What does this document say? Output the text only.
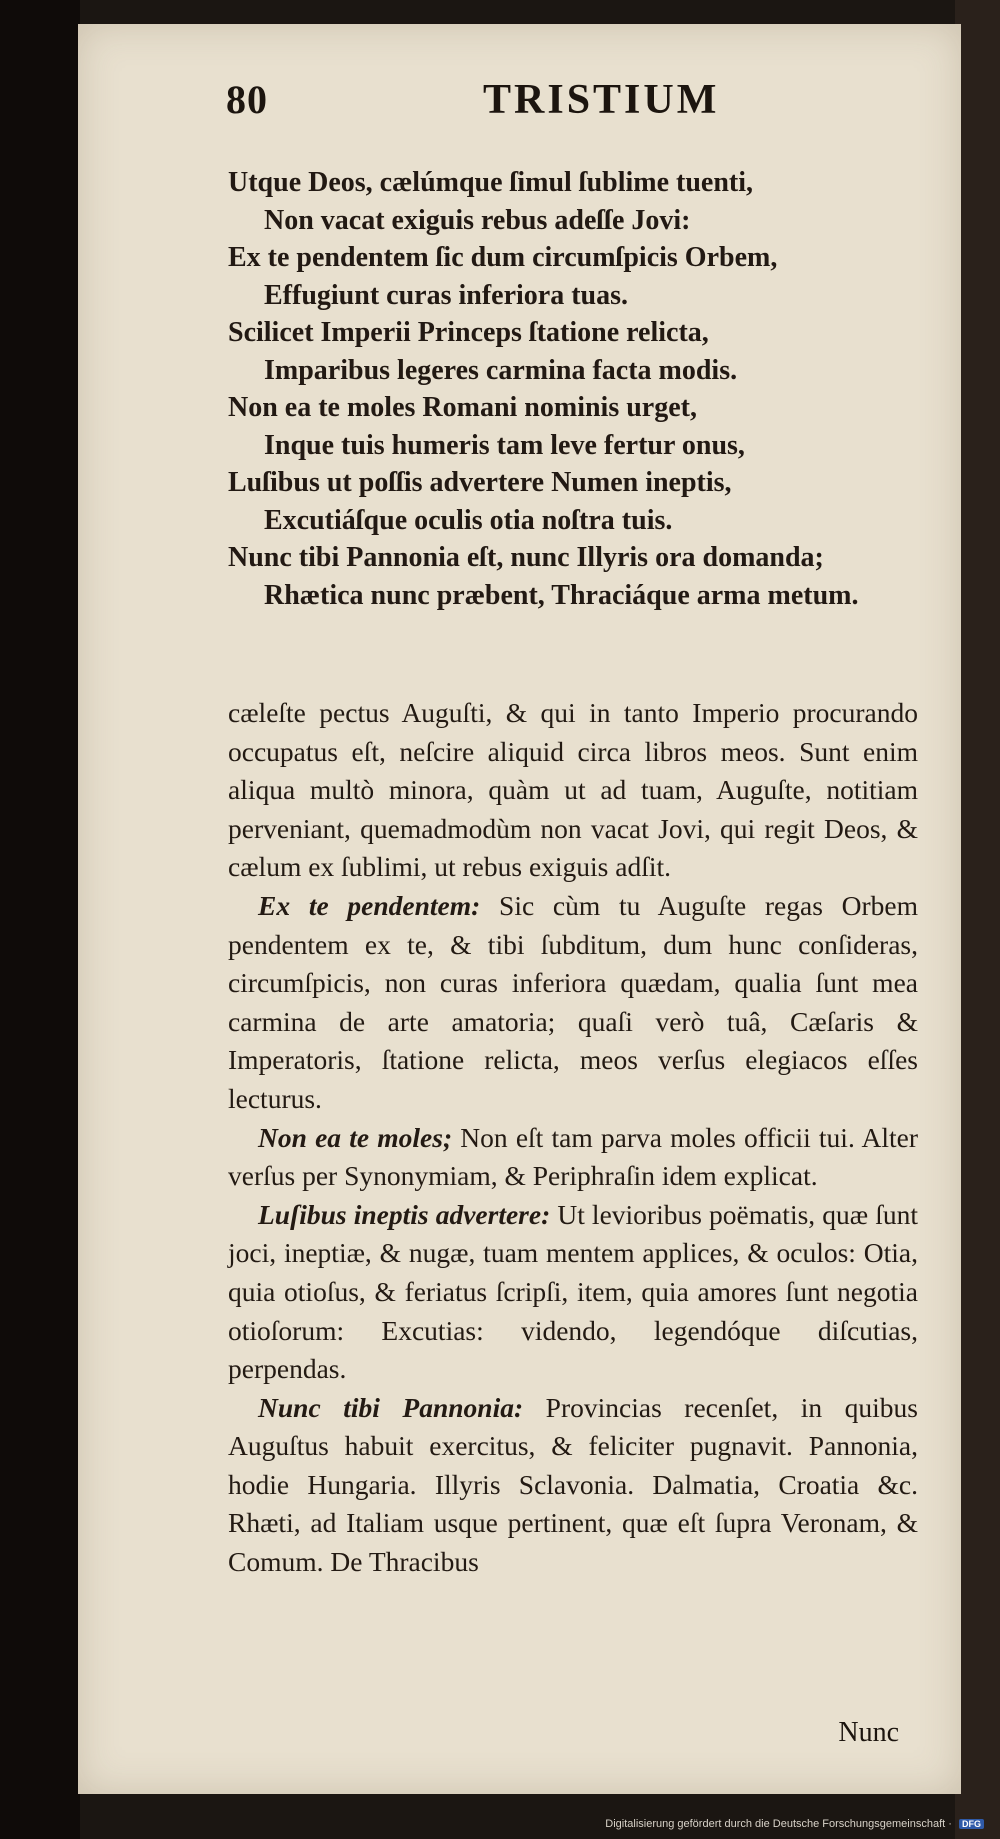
80	TRISTIUM
Utque Deos, cælúmque ſimul ſublime tuenti,
Non vacat exiguis rebus adeſſe Jovi:
Ex te pendentem ſic dum circumſpicis Orbem,
Effugiunt curas inferiora tuas.
Scilicet Imperii Princeps ſtatione relicta,
Imparibus legeres carmina facta modis.
Non ea te moles Romani nominis urget,
Inque tuis humeris tam leve fertur onus,
Luſibus ut poſſis advertere Numen ineptis,
Excutiáſque oculis otia noſtra tuis.
Nunc tibi Pannonia eſt, nunc Illyris ora domanda;
Rhætica nunc præbent, Thraciáque arma metum.

cæleſte pectus Auguſti, & qui in tanto Imperio procurando occupatus eſt, neſcire aliquid circa libros meos. Sunt enim aliqua multò minora, quàm ut ad tuam, Auguſte, notitiam perveniant, quemadmodùm non vacat Jovi, qui regit Deos, & cælum ex ſublimi, ut rebus exiguis adſit.

Ex te pendentem: Sic cùm tu Auguſte regas Orbem pendentem ex te, & tibi ſubditum, dum hunc conſideras, circumſpicis, non curas inferiora quædam, qualia ſunt mea carmina de arte amatoria; quaſi verò tuâ, Cæſaris & Imperatoris, ſtatione relicta, meos verſus elegiacos eſſes lecturus.

Non ea te moles; Non eſt tam parva moles officii tui. Alter verſus per Synonymiam, & Periphraſin idem explicat.

Luſibus ineptis advertere: Ut levioribus poëmatis, quæ ſunt joci, ineptiæ, & nugæ, tuam mentem applices, & oculos: Otia, quia otioſus, & feriatus ſcripſi, item, quia amores ſunt negotia otioſorum: Excutias: videndo, legendóque diſcutias, perpendas.

Nunc tibi Pannonia: Provincias recenſet, in quibus Auguſtus habuit exercitus, & feliciter pugnavit. Pannonia, hodie Hungaria. Illyris Sclavonia. Dalmatia, Croatia &c. Rhæti, ad Italiam usque pertinent, quæ eſt ſupra Veronam, & Comum. De Thracibus

Nunc
Digitalisierung gefördert durch die Deutsche Forschungsgemeinschaft · DFG
